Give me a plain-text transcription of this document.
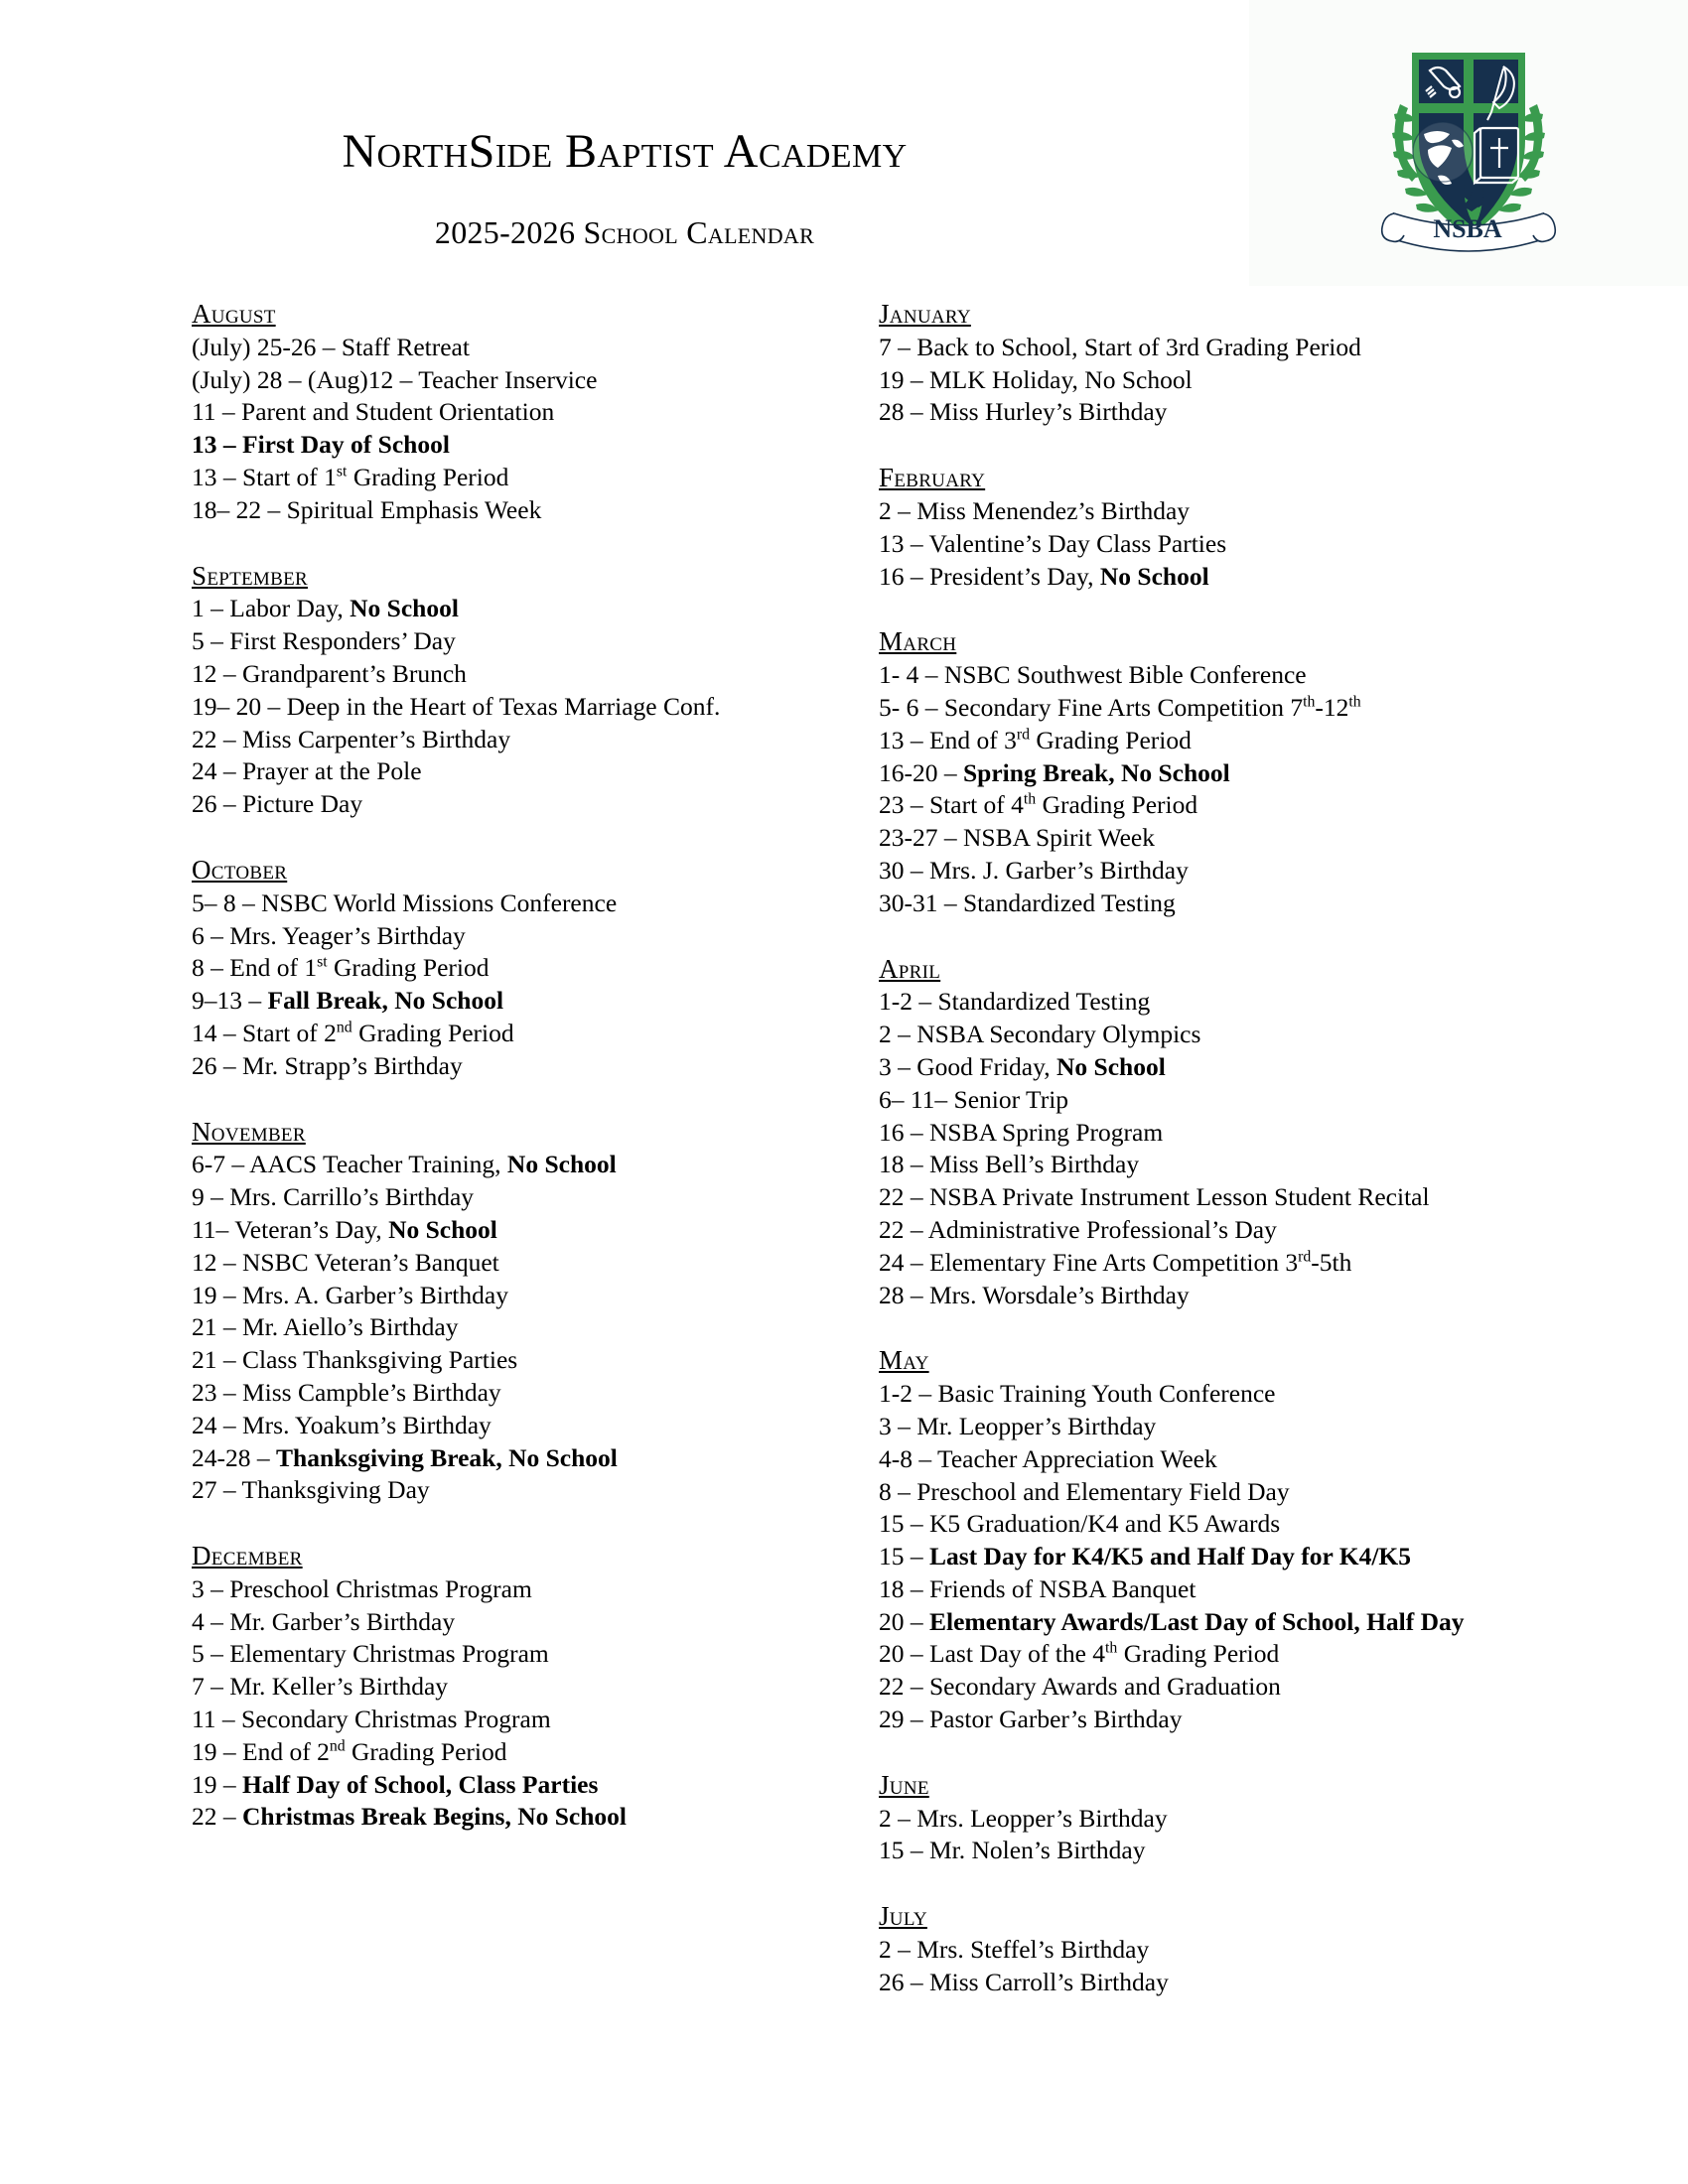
NorthSide Baptist Academy
2025-2026 School Calendar	NSBA
August
(July) 25-26 – Staff Retreat
(July) 28 – (Aug)12 – Teacher Inservice
11 – Parent and Student Orientation
13 – First Day of School
13 – Start of 1st Grading Period
18– 22 – Spiritual Emphasis Week
September
1 – Labor Day, No School
5 – First Responders’ Day
12 – Grandparent’s Brunch
19– 20 – Deep in the Heart of Texas Marriage Conf.
22 – Miss Carpenter’s Birthday
24 – Prayer at the Pole
26 – Picture Day
October
5– 8 – NSBC World Missions Conference
6 – Mrs. Yeager’s Birthday
8 – End of 1st Grading Period
9–13 – Fall Break, No School
14 – Start of 2nd Grading Period
26 – Mr. Strapp’s Birthday
November
6-7 – AACS Teacher Training, No School
9 – Mrs. Carrillo’s Birthday
11– Veteran’s Day, No School
12 – NSBC Veteran’s Banquet
19 – Mrs. A. Garber’s Birthday
21 – Mr. Aiello’s Birthday
21 – Class Thanksgiving Parties
23 – Miss Campble’s Birthday
24 – Mrs. Yoakum’s Birthday
24-28 – Thanksgiving Break, No School
27 – Thanksgiving Day
December
3 – Preschool Christmas Program
4 – Mr. Garber’s Birthday
5 – Elementary Christmas Program
7 – Mr. Keller’s Birthday
11 – Secondary Christmas Program
19 – End of 2nd Grading Period
19 – Half Day of School, Class Parties
22 – Christmas Break Begins, No School
January
7 – Back to School, Start of 3rd Grading Period
19 – MLK Holiday, No School
28 – Miss Hurley’s Birthday
February
2 – Miss Menendez’s Birthday
13 – Valentine’s Day Class Parties
16 – President’s Day, No School
March
1- 4 – NSBC Southwest Bible Conference
5- 6 – Secondary Fine Arts Competition 7th-12th
13 – End of 3rd Grading Period
16-20 – Spring Break, No School
23 – Start of 4th Grading Period
23-27 – NSBA Spirit Week
30 – Mrs. J. Garber’s Birthday
30-31 – Standardized Testing
April
1-2 – Standardized Testing
2 – NSBA Secondary Olympics
3 – Good Friday, No School
6– 11– Senior Trip
16 – NSBA Spring Program
18 – Miss Bell’s Birthday
22 – NSBA Private Instrument Lesson Student Recital
22 – Administrative Professional’s Day
24 – Elementary Fine Arts Competition 3rd-5th
28 – Mrs. Worsdale’s Birthday
May
1-2 – Basic Training Youth Conference
3 – Mr. Leopper’s Birthday
4-8 – Teacher Appreciation Week
8 – Preschool and Elementary Field Day
15 – K5 Graduation/K4 and K5 Awards
15 – Last Day for K4/K5 and Half Day for K4/K5
18 – Friends of NSBA Banquet
20 – Elementary Awards/Last Day of School, Half Day
20 – Last Day of the 4th Grading Period
22 – Secondary Awards and Graduation
29 – Pastor Garber’s Birthday
June
2 – Mrs. Leopper’s Birthday
15 – Mr. Nolen’s Birthday
July
2 – Mrs. Steffel’s Birthday
26 – Miss Carroll’s Birthday
